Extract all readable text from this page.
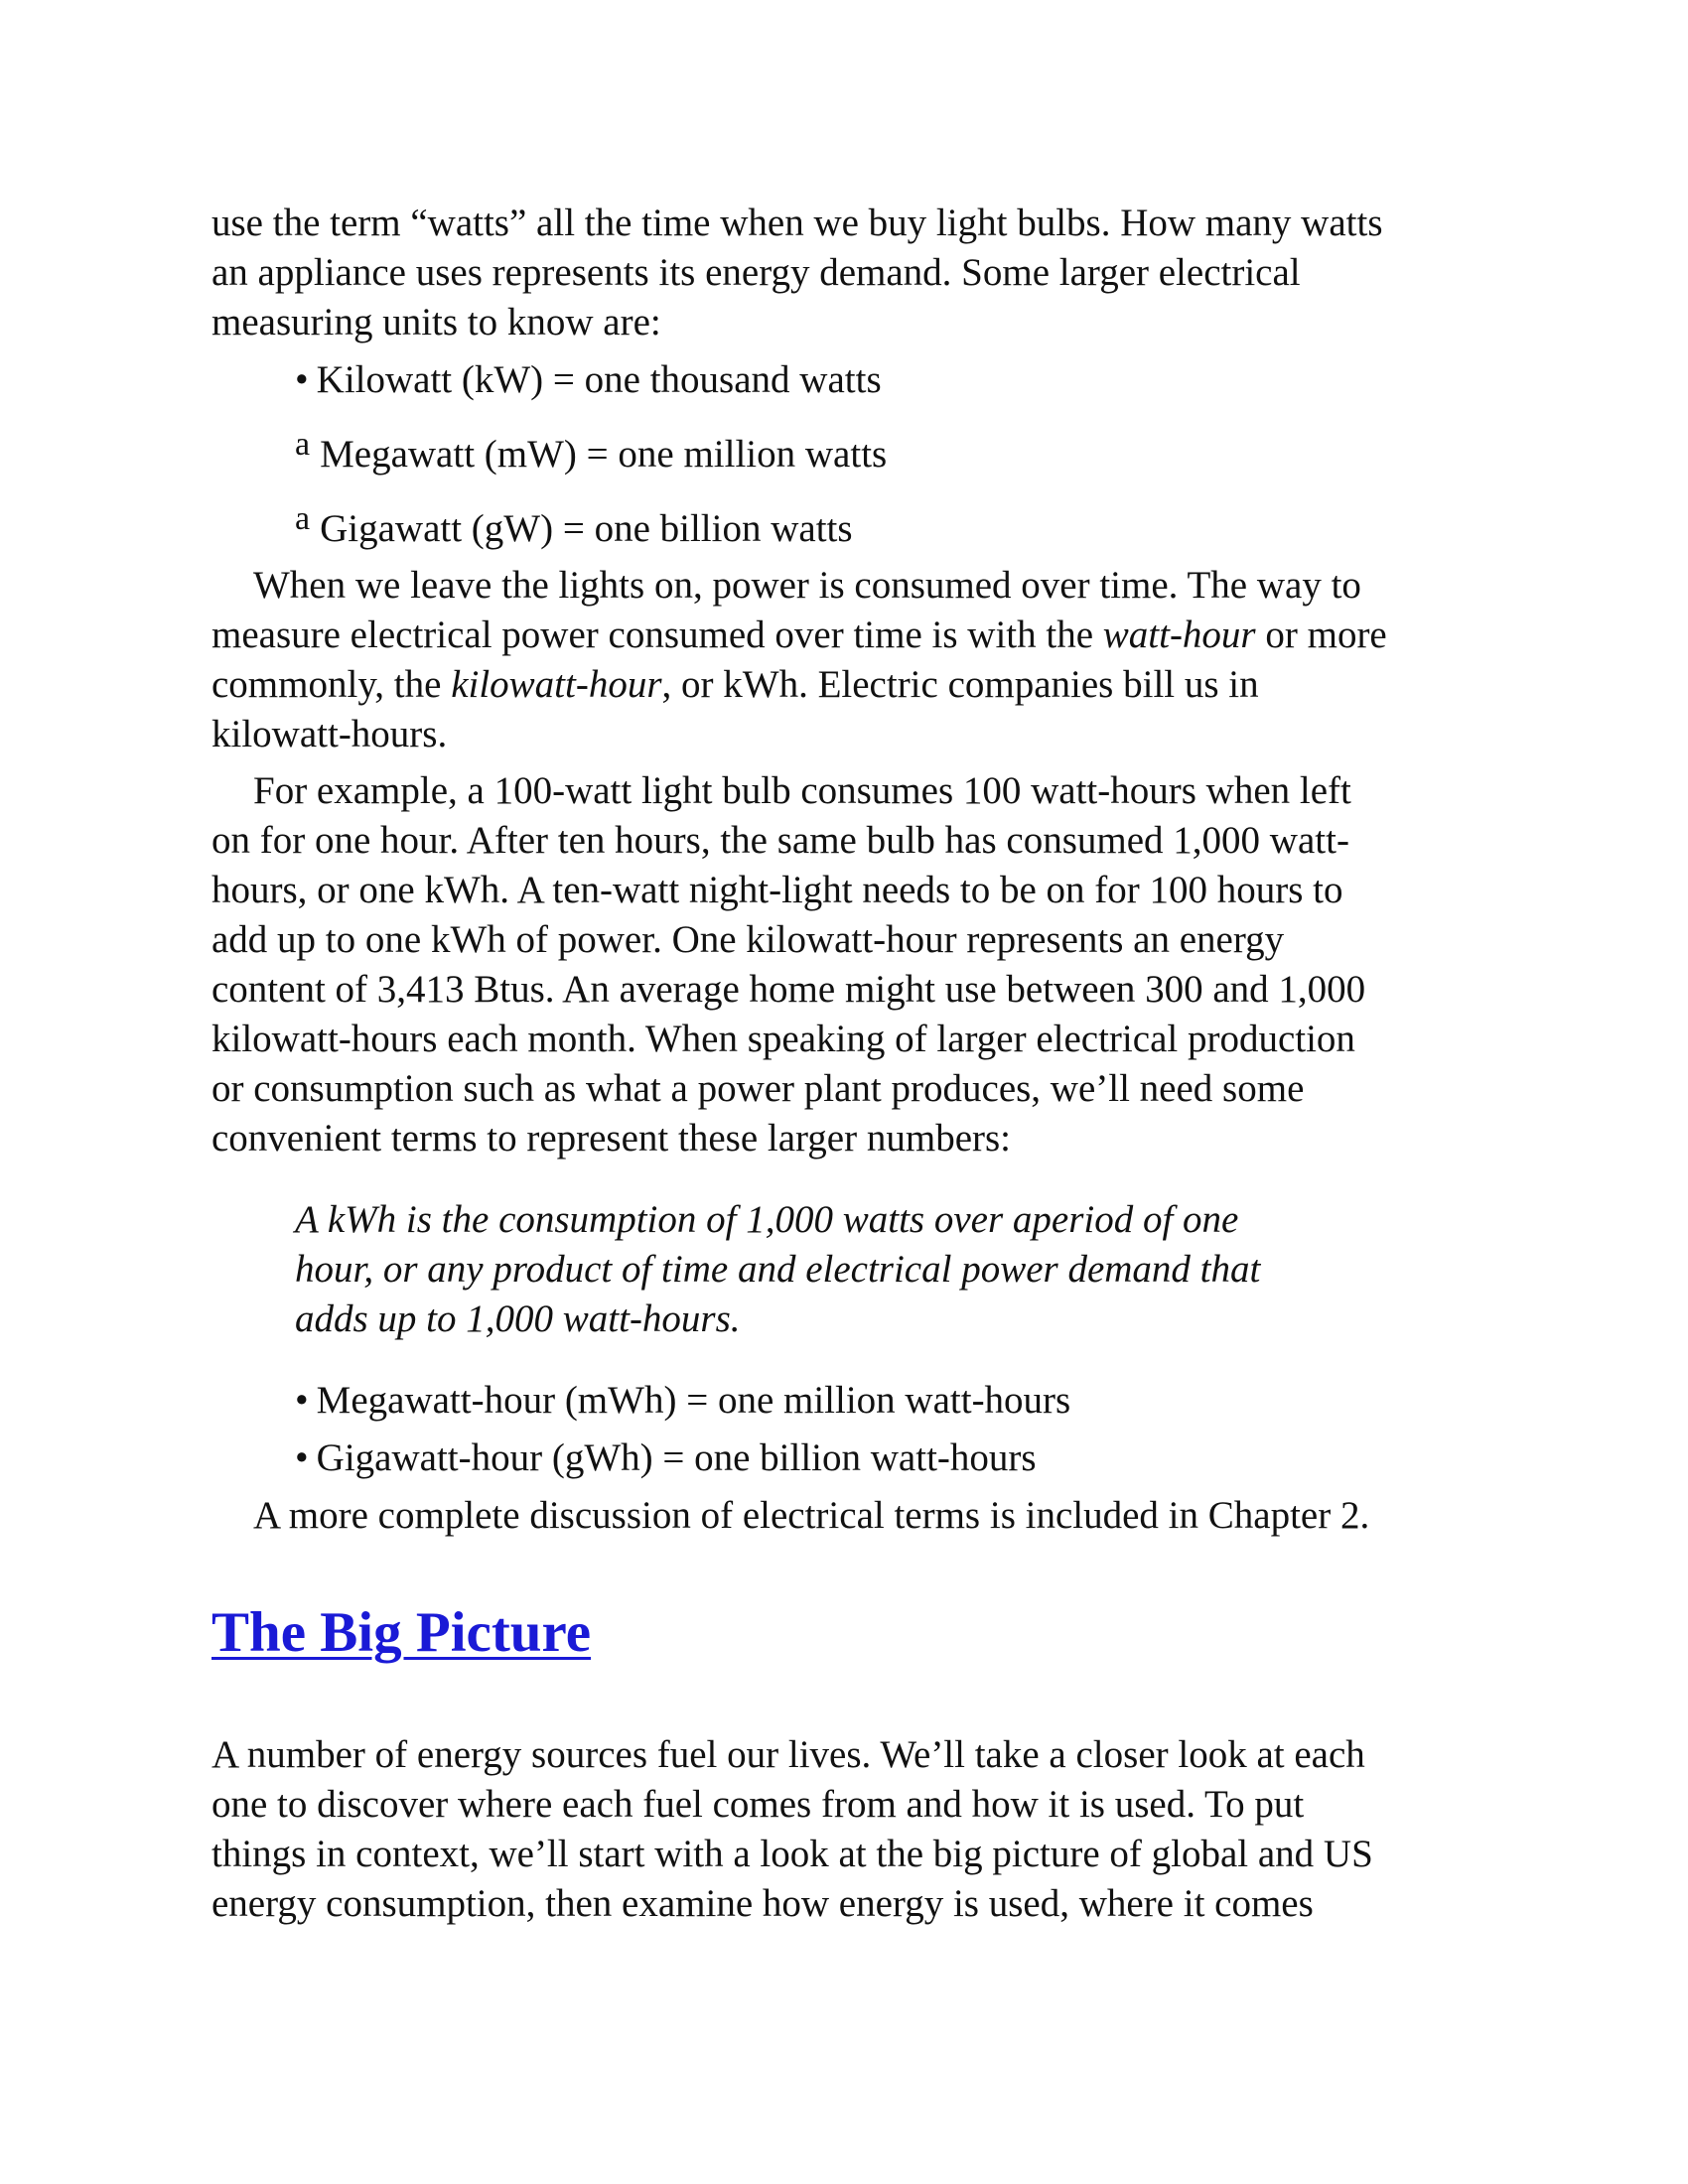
use the term “watts” all the time when we buy light bulbs. How many watts
an appliance uses represents its energy demand. Some larger electrical
measuring units to know are:
• Kilowatt (kW) = one thousand watts
a Megawatt (mW) = one million watts
a Gigawatt (gW) = one billion watts
When we leave the lights on, power is consumed over time. The way to
measure electrical power consumed over time is with the watt-hour or more
commonly, the kilowatt-hour, or kWh. Electric companies bill us in
kilowatt-hours.
For example, a 100-watt light bulb consumes 100 watt-hours when left
on for one hour. After ten hours, the same bulb has consumed 1,000 watt-
hours, or one kWh. A ten-watt night-light needs to be on for 100 hours to
add up to one kWh of power. One kilowatt-hour represents an energy
content of 3,413 Btus. An average home might use between 300 and 1,000
kilowatt-hours each month. When speaking of larger electrical production
or consumption such as what a power plant produces, we’ll need some
convenient terms to represent these larger numbers:
A kWh is the consumption of 1,000 watts over aperiod of one
hour, or any product of time and electrical power demand that
adds up to 1,000 watt-hours.
• Megawatt-hour (mWh) = one million watt-hours
• Gigawatt-hour (gWh) = one billion watt-hours
A more complete discussion of electrical terms is included in Chapter 2.
The Big Picture
A number of energy sources fuel our lives. We’ll take a closer look at each
one to discover where each fuel comes from and how it is used. To put
things in context, we’ll start with a look at the big picture of global and US
energy consumption, then examine how energy is used, where it comes
